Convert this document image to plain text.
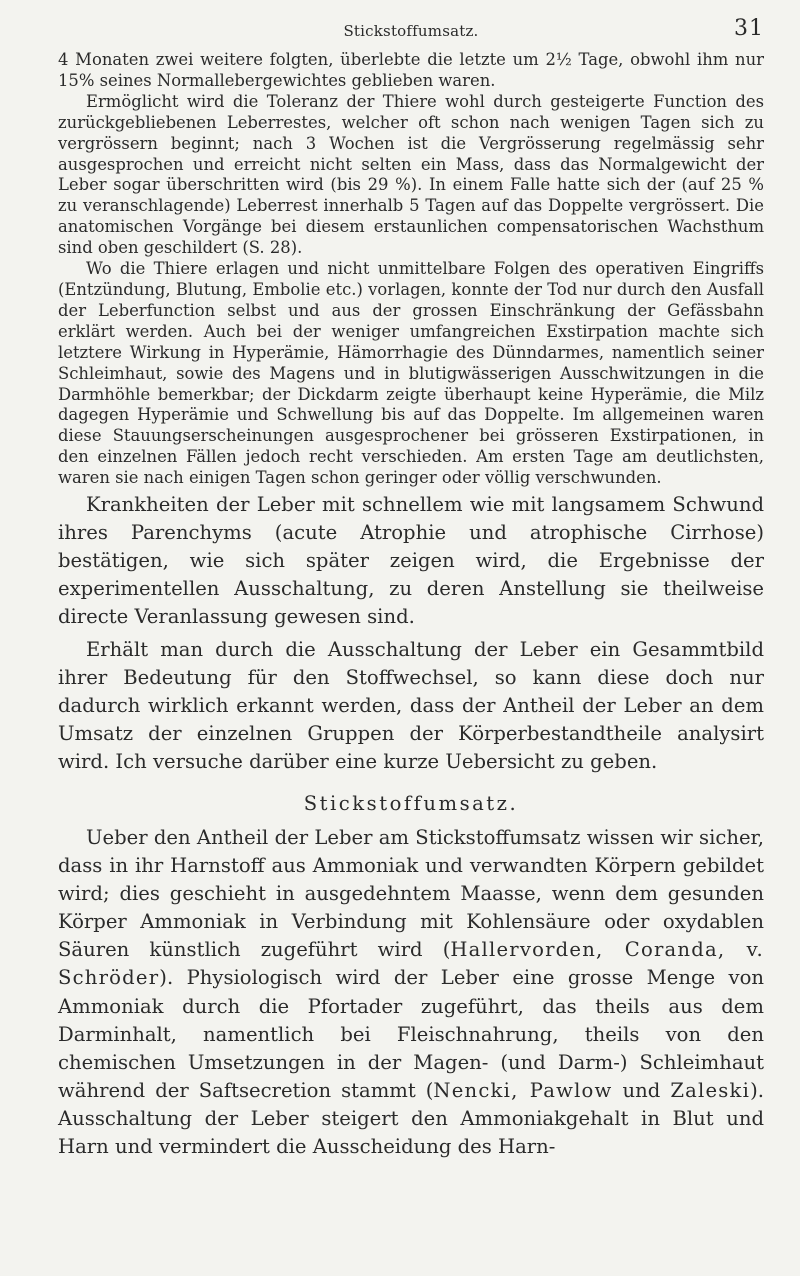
Stickstoffumsatz.	31

4 Monaten zwei weitere folgten, überlebte die letzte um 2½ Tage, obwohl ihm nur 15% seines Normallebergewichtes geblieben waren.

Ermöglicht wird die Toleranz der Thiere wohl durch gesteigerte Function des zurückgebliebenen Leberrestes, welcher oft schon nach wenigen Tagen sich zu vergrössern beginnt; nach 3 Wochen ist die Vergrösserung regelmässig sehr ausgesprochen und erreicht nicht selten ein Mass, dass das Normalgewicht der Leber sogar überschritten wird (bis 29 %). In einem Falle hatte sich der (auf 25 % zu veranschlagende) Leberrest innerhalb 5 Tagen auf das Doppelte vergrössert. Die anatomischen Vorgänge bei diesem erstaunlichen compensatorischen Wachsthum sind oben geschildert (S. 28).

Wo die Thiere erlagen und nicht unmittelbare Folgen des operativen Eingriffs (Entzündung, Blutung, Embolie etc.) vorlagen, konnte der Tod nur durch den Ausfall der Leberfunction selbst und aus der grossen Einschränkung der Gefässbahn erklärt werden. Auch bei der weniger umfangreichen Exstirpation machte sich letztere Wirkung in Hyperämie, Hämorrhagie des Dünndarmes, namentlich seiner Schleimhaut, sowie des Magens und in blutigwässerigen Ausschwitzungen in die Darmhöhle bemerkbar; der Dickdarm zeigte überhaupt keine Hyperämie, die Milz dagegen Hyperämie und Schwellung bis auf das Doppelte. Im allgemeinen waren diese Stauungserscheinungen ausgesprochener bei grösseren Exstirpationen, in den einzelnen Fällen jedoch recht verschieden. Am ersten Tage am deutlichsten, waren sie nach einigen Tagen schon geringer oder völlig verschwunden.

Krankheiten der Leber mit schnellem wie mit langsamem Schwund ihres Parenchyms (acute Atrophie und atrophische Cirrhose) bestätigen, wie sich später zeigen wird, die Ergebnisse der experimentellen Ausschaltung, zu deren Anstellung sie theilweise directe Veranlassung gewesen sind.

Erhält man durch die Ausschaltung der Leber ein Gesammtbild ihrer Bedeutung für den Stoffwechsel, so kann diese doch nur dadurch wirklich erkannt werden, dass der Antheil der Leber an dem Umsatz der einzelnen Gruppen der Körperbestandtheile analysirt wird. Ich versuche darüber eine kurze Uebersicht zu geben.

Stickstoffumsatz.

Ueber den Antheil der Leber am Stickstoffumsatz wissen wir sicher, dass in ihr Harnstoff aus Ammoniak und verwandten Körpern gebildet wird; dies geschieht in ausgedehntem Maasse, wenn dem gesunden Körper Ammoniak in Verbindung mit Kohlensäure oder oxydablen Säuren künstlich zugeführt wird (Hallervorden, Coranda, v. Schröder). Physiologisch wird der Leber eine grosse Menge von Ammoniak durch die Pfortader zugeführt, das theils aus dem Darminhalt, namentlich bei Fleischnahrung, theils von den chemischen Umsetzungen in der Magen- (und Darm-) Schleimhaut während der Saftsecretion stammt (Nencki, Pawlow und Zaleski). Ausschaltung der Leber steigert den Ammoniakgehalt in Blut und Harn und vermindert die Ausscheidung des Harn-
